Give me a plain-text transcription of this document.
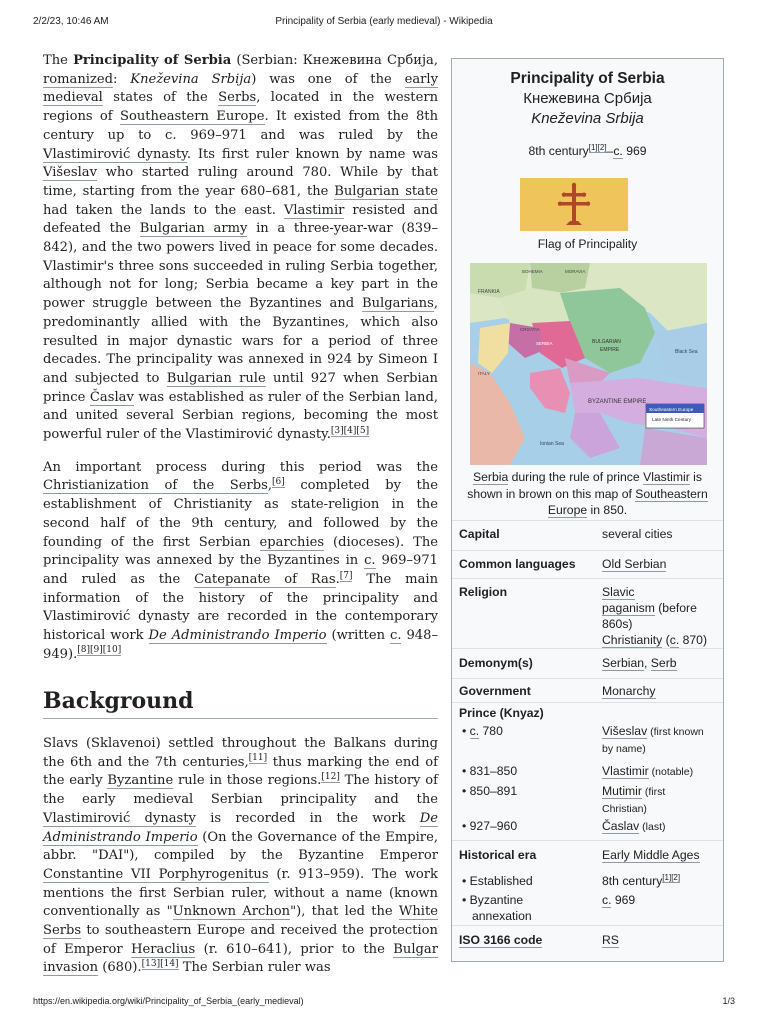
2/2/23, 10:46 AM	Principality of Serbia (early medieval) - Wikipedia

The Principality of Serbia (Serbian: Кнежевина Србија, romanized: Kneževina Srbija) was one of the early medieval states of the Serbs, located in the western regions of Southeastern Europe. It existed from the 8th century up to c. 969–971 and was ruled by the Vlastimirović dynasty. Its first ruler known by name was Višeslav who started ruling around 780. While by that time, starting from the year 680–681, the Bulgarian state had taken the lands to the east. Vlastimir resisted and defeated the Bulgarian army in a three-year-war (839–842), and the two powers lived in peace for some decades. Vlastimir's three sons succeeded in ruling Serbia together, although not for long; Serbia became a key part in the power struggle between the Byzantines and Bulgarians, predominantly allied with the Byzantines, which also resulted in major dynastic wars for a period of three decades. The principality was annexed in 924 by Simeon I and subjected to Bulgarian rule until 927 when Serbian prince Časlav was established as ruler of the Serbian land, and united several Serbian regions, becoming the most powerful ruler of the Vlastimirović dynasty.[3][4][5]

An important process during this period was the Christianization of the Serbs,[6] completed by the establishment of Christianity as state-religion in the second half of the 9th century, and followed by the founding of the first Serbian eparchies (dioceses). The principality was annexed by the Byzantines in c. 969–971 and ruled as the Catepanate of Ras.[7] The main information of the history of the principality and Vlastimirović dynasty are recorded in the contemporary historical work De Administrando Imperio (written c. 948–949).[8][9][10]

Background

Slavs (Sklavenoi) settled throughout the Balkans during the 6th and the 7th centuries,[11] thus marking the end of the early Byzantine rule in those regions.[12] The history of the early medieval Serbian principality and the Vlastimirović dynasty is recorded in the work De Administrando Imperio (On the Governance of the Empire, abbr. "DAI"), compiled by the Byzantine Emperor Constantine VII Porphyrogenitus (r. 913–959). The work mentions the first Serbian ruler, without a name (known conventionally as "Unknown Archon"), that led the White Serbs to southeastern Europe and received the protection of Emperor Heraclius (r. 610–641), prior to the Bulgar invasion (680).[13][14] The Serbian ruler was

Principality of Serbia
Кнежевина Србија
Kneževina Srbija
8th century[1][2]–c. 969
Flag of Principality
BOHEMIA	MORAVIA
FRANKIA
CROATIA
SERBIA	BULGARIAN
EMPIRE
BYZANTINE EMPIRE
ITALY
Black Sea
Ionian Sea
Southeastern Europe
Late Ninth Century
Serbia during the rule of prince Vlastimir is shown in brown on this map of Southeastern Europe in 850.
Capital	several cities
Common languages Old Serbian
Religion	Slavic
paganism (before
860s)
Christianity (c. 870)
Demonym(s)	Serbian, Serb
Government	Monarchy
Prince (Knyaz)
• c. 780	Višeslav (first known
by name)
• 831–850	Vlastimir (notable)
• 850–891	Mutimir (first
Christian)
• 927–960	Časlav (last)
Historical era	Early Middle Ages
• Established	8th century[1][2]
• Byzantine
annexation
c. 969
ISO 3166 code	RS
https://en.wikipedia.org/wiki/Principality_of_Serbia_(early_medieval)	1/3
